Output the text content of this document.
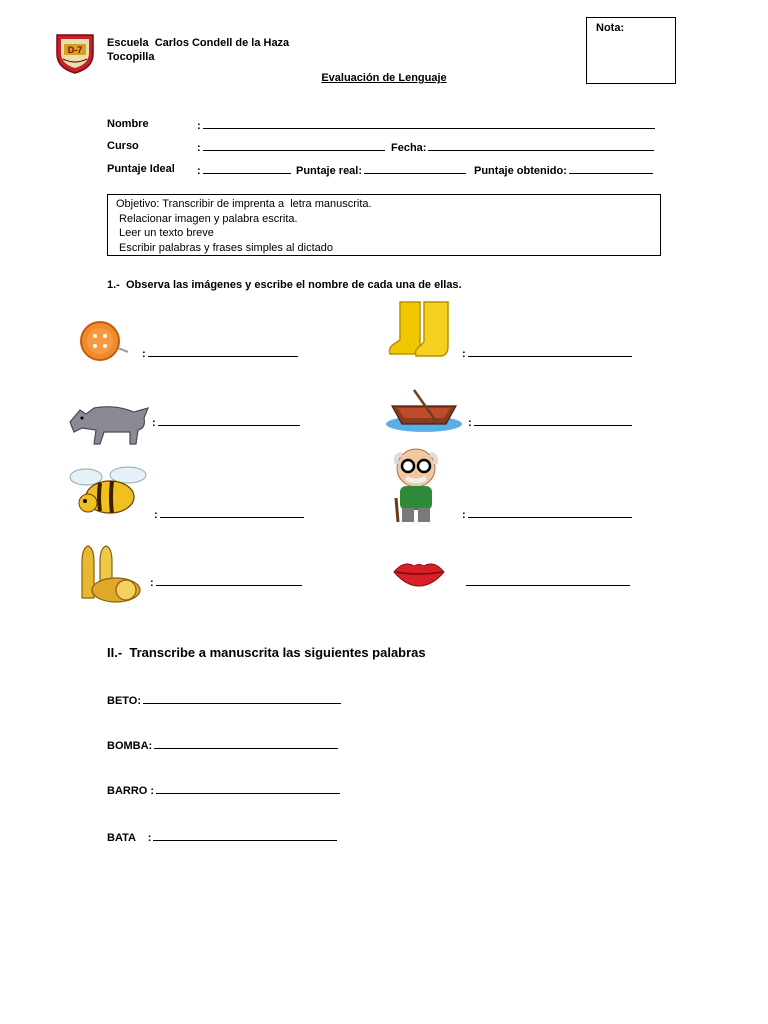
D-7
Escuela  Carlos Condell de la Haza
Tocopilla
Nota:
Evaluación de Lenguaje
Nombre	:
Curso	:	Fecha:
Puntaje Ideal :	Puntaje real:	Puntaje obtenido:
Objetivo: Transcribir de imprenta a  letra manuscrita.
Relacionar imagen y palabra escrita.
Leer un texto breve
Escribir palabras y frases simples al dictado
1.-  Observa las imágenes y escribe el nombre de cada una de ellas.
:	:
:	:
:	:
:
II.-  Transcribe a manuscrita las siguientes palabras
BETO:
BOMBA:
BARRO :
BATA    :
